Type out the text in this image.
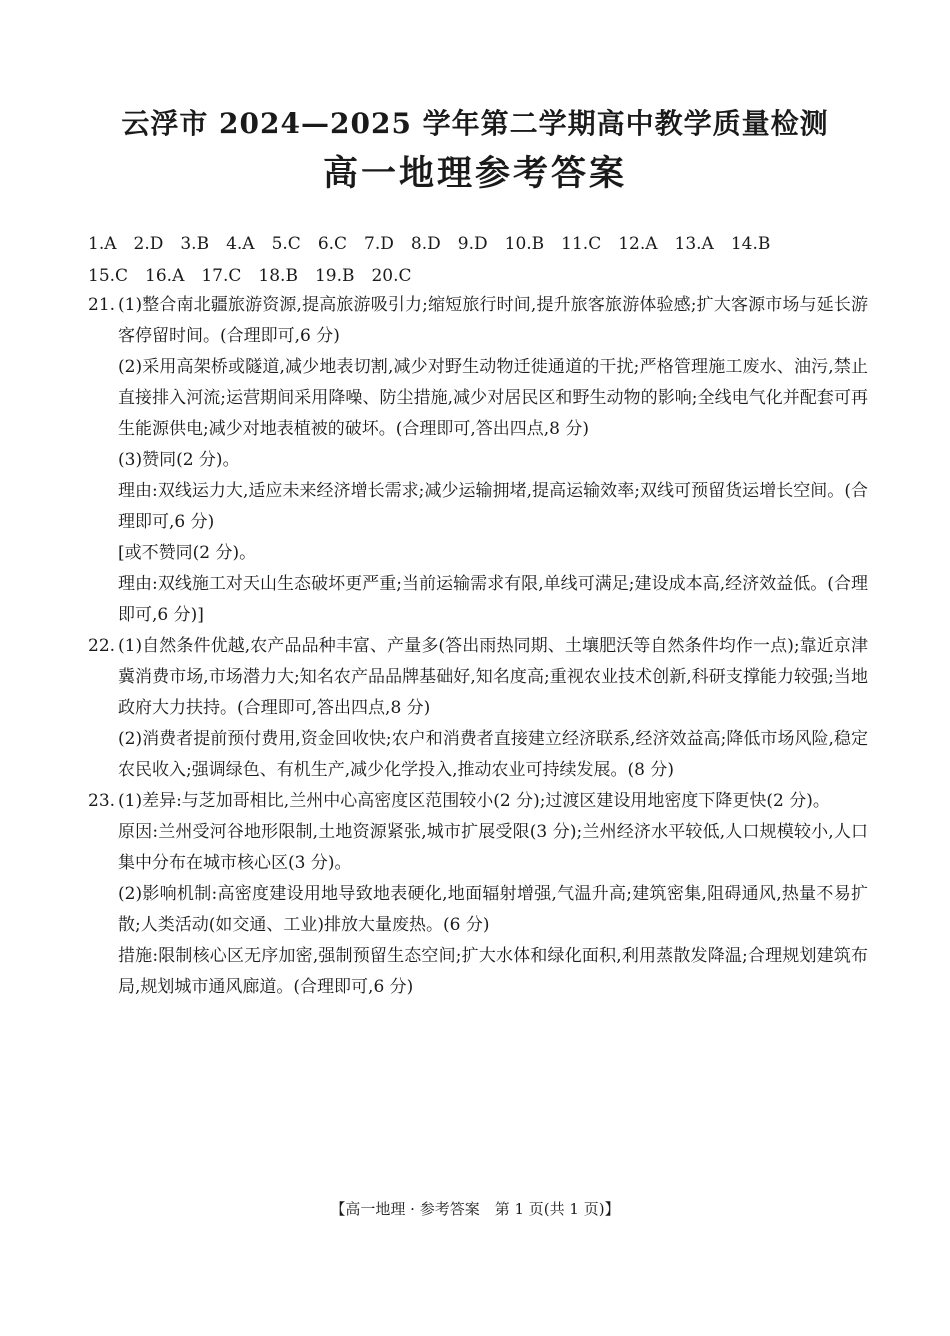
云浮市 2024—2025 学年第二学期高中教学质量检测
高一地理参考答案
1.A 2.D 3.B 4.A 5.C 6.C 7.D 8.D 9.D 10.B 11.C 12.A 13.A 14.B
15.C 16.A 17.C 18.B 19.B 20.C
21. (1)整合南北疆旅游资源,提高旅游吸引力;缩短旅行时间,提升旅客旅游体验感;扩大客源市场与延长游客停留时间。(合理即可,6 分)

(2)采用高架桥或隧道,减少地表切割,减少对野生动物迁徙通道的干扰;严格管理施工废水、油污,禁止直接排入河流;运营期间采用降噪、防尘措施,减少对居民区和野生动物的影响;全线电气化并配套可再生能源供电;减少对地表植被的破坏。(合理即可,答出四点,8 分)

(3)赞同(2 分)。

理由:双线运力大,适应未来经济增长需求;减少运输拥堵,提高运输效率;双线可预留货运增长空间。(合理即可,6 分)

[或不赞同(2 分)。

理由:双线施工对天山生态破坏更严重;当前运输需求有限,单线可满足;建设成本高,经济效益低。(合理即可,6 分)]

22. (1)自然条件优越,农产品品种丰富、产量多(答出雨热同期、土壤肥沃等自然条件均作一点);靠近京津冀消费市场,市场潜力大;知名农产品品牌基础好,知名度高;重视农业技术创新,科研支撑能力较强;当地政府大力扶持。(合理即可,答出四点,8 分)

(2)消费者提前预付费用,资金回收快;农户和消费者直接建立经济联系,经济效益高;降低市场风险,稳定农民收入;强调绿色、有机生产,减少化学投入,推动农业可持续发展。(8 分)

23. (1)差异:与芝加哥相比,兰州中心高密度区范围较小(2 分);过渡区建设用地密度下降更快(2 分)。

原因:兰州受河谷地形限制,土地资源紧张,城市扩展受限(3 分);兰州经济水平较低,人口规模较小,人口集中分布在城市核心区(3 分)。

(2)影响机制:高密度建设用地导致地表硬化,地面辐射增强,气温升高;建筑密集,阻碍通风,热量不易扩散;人类活动(如交通、工业)排放大量废热。(6 分)

措施:限制核心区无序加密,强制预留生态空间;扩大水体和绿化面积,利用蒸散发降温;合理规划建筑布局,规划城市通风廊道。(合理即可,6 分)

【高一地理 · 参考答案　第 1 页(共 1 页)】
